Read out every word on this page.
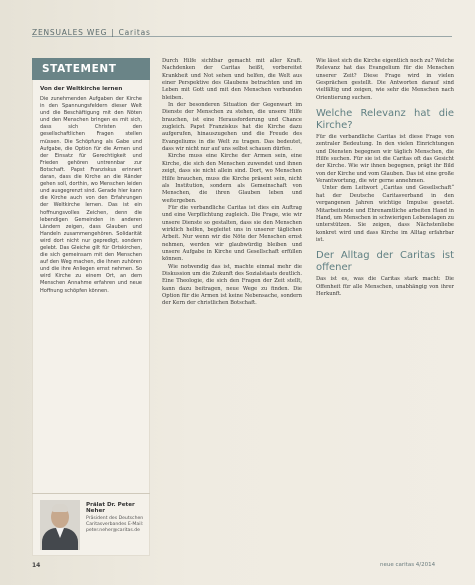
ZENSUALES WEG | Caritas
STATEMENT
Von der Weltkirche lernen
Die zunehmenden Aufgaben der Kirche in den Spannungsfeldern dieser Welt und die Beschäftigung mit den Nöten und den Menschen bringen es mit sich, dass sich Christen den gesellschaftlichen Fragen stellen müssen. Die Schöpfung als Gabe und Aufgabe, die Option für die Armen und der Einsatz für Gerechtigkeit und Frieden gehören untrennbar zur Botschaft. Papst Franziskus erinnert daran, dass die Kirche an die Ränder gehen soll, dorthin, wo Menschen leiden und ausgegrenzt sind. Gerade hier kann die Kirche auch von den Erfahrungen der Weltkirche lernen. Das ist ein hoffnungsvolles Zeichen, denn die lebendigen Gemeinden in anderen Ländern zeigen, dass Glauben und Handeln zusammengehören. Solidarität wird dort nicht nur gepredigt, sondern gelebt. Das Gleiche gilt für Ortskirchen, die sich gemeinsam mit den Menschen auf den Weg machen, die ihnen zuhören und die ihre Anliegen ernst nehmen. So wird Kirche zu einem Ort, an dem Menschen Annahme erfahren und neue Hoffnung schöpfen können.
Prälat Dr. Peter Neher
Präsident des Deutschen Caritasverbandes E-Mail: peter.neher@caritas.de

Durch Hilfe sichtbar gemacht mit aller Kraft. Nachdenken der Caritas heißt, vorbereitet Krankheit und Not sehen und helfen, die Welt aus einer Perspektive des Glaubens betrachten und im Leben mit Gott und mit den Menschen verbunden bleiben.

In der besonderen Situation der Gegenwart im Dienste der Menschen zu stehen, die unsere Hilfe brauchen, ist eine Herausforderung und Chance zugleich. Papst Franziskus hat die Kirche dazu aufgerufen, hinauszugehen und die Freude des Evangeliums in die Welt zu tragen. Das bedeutet, dass wir nicht nur auf uns selbst schauen dürfen.

Kirche muss eine Kirche der Armen sein, eine Kirche, die sich den Menschen zuwendet und ihnen zeigt, dass sie nicht allein sind. Dort, wo Menschen Hilfe brauchen, muss die Kirche präsent sein, nicht als Institution, sondern als Gemeinschaft von Menschen, die ihren Glauben leben und weitergeben.

Für die verbandliche Caritas ist dies ein Auftrag und eine Verpflichtung zugleich. Die Frage, wie wir unsere Dienste so gestalten, dass sie den Menschen wirklich helfen, begleitet uns in unserer täglichen Arbeit. Nur wenn wir die Nöte der Menschen ernst nehmen, werden wir glaubwürdig bleiben und unsere Aufgabe in Kirche und Gesellschaft erfüllen können.

Wie notwendig das ist, machte einmal mehr die Diskussion um die Zukunft des Sozialstaats deutlich. Eine Theologie, die sich den Fragen der Zeit stellt, kann dazu beitragen, neue Wege zu finden. Die Option für die Armen ist keine Nebensache, sondern der Kern der christlichen Botschaft.

Wie lässt sich die Kirche eigentlich noch zu? Welche Relevanz hat das Evangelium für die Menschen unserer Zeit? Diese Frage wird in vielen Gesprächen gestellt. Die Antworten darauf sind vielfältig und zeigen, wie sehr die Menschen nach Orientierung suchen.

Welche Relevanz hat die Kirche?

Für die verbandliche Caritas ist diese Frage von zentraler Bedeutung. In den vielen Einrichtungen und Diensten begegnen wir täglich Menschen, die Hilfe suchen. Für sie ist die Caritas oft das Gesicht der Kirche. Wie wir ihnen begegnen, prägt ihr Bild von der Kirche und vom Glauben. Das ist eine große Verantwortung, die wir gerne annehmen.

Unter dem Leitwort „Caritas und Gesellschaft“ hat der Deutsche Caritasverband in den vergangenen Jahren wichtige Impulse gesetzt. Mitarbeitende und Ehrenamtliche arbeiten Hand in Hand, um Menschen in schwierigen Lebenslagen zu unterstützen. Sie zeigen, dass Nächstenliebe konkret wird und dass Kirche im Alltag erfahrbar ist.

Der Alltag der Caritas ist offener

Das ist es, was die Caritas stark macht: Die Offenheit für alle Menschen, unabhängig von ihrer Herkunft.

14	neue caritas 4/2014
